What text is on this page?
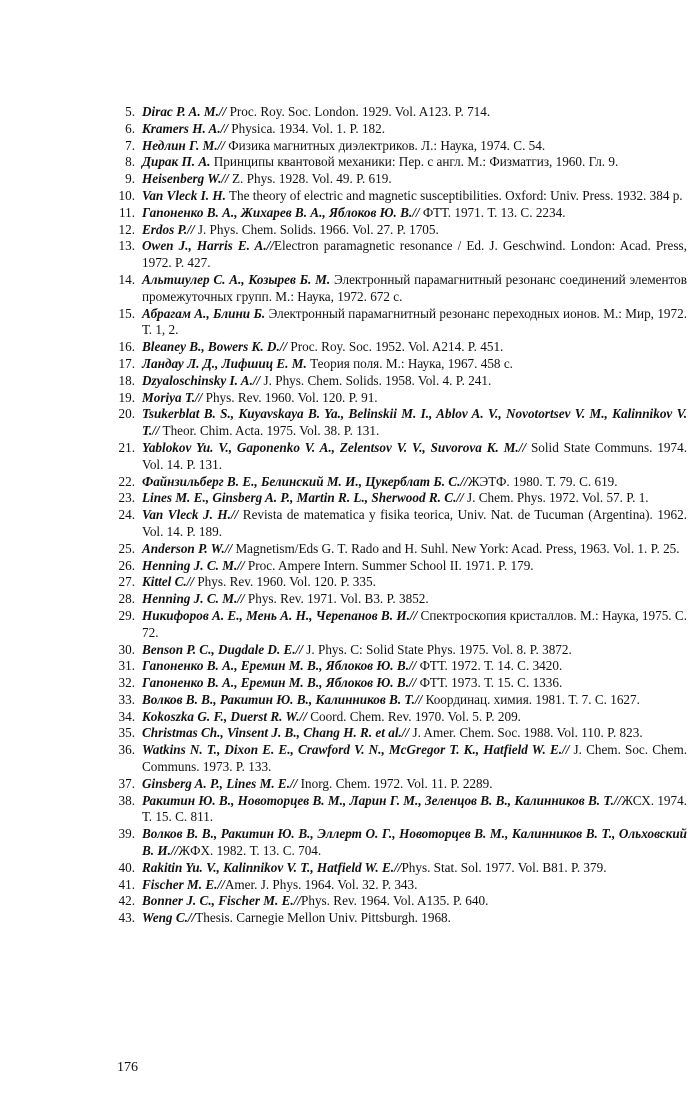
5. Dirac P. A. M.// Proc. Roy. Soc. London. 1929. Vol. A123. P. 714.
6. Kramers H. A.// Physica. 1934. Vol. 1. P. 182.
7. Недлин Г. М.// Физика магнитных диэлектриков. Л.: Наука, 1974. С. 54.
8. Дирак П. А. Принципы квантовой механики: Пер. с англ. М.: Физматгиз, 1960. Гл. 9.
9. Heisenberg W.// Z. Phys. 1928. Vol. 49. P. 619.
10. Van Vleck I. H. The theory of electric and magnetic susceptibilities. Oxford: Univ. Press. 1932. 384 p.
11. Гапоненко В. А., Жихарев В. А., Яблоков Ю. В.// ФТТ. 1971. Т. 13. С. 2234.
12. Erdos P.// J. Phys. Chem. Solids. 1966. Vol. 27. P. 1705.
13. Owen J., Harris E. A.//Electron paramagnetic resonance / Ed. J. Geschwind. London: Acad. Press, 1972. P. 427.
14. Альтшулер С. А., Козырев Б. М. Электронный парамагнитный резонанс соединений элементов промежуточных групп. М.: Наука, 1972. 672 с.
15. Абрагам А., Блини Б. Электронный парамагнитный резонанс переходных ионов. М.: Мир, 1972. Т. 1, 2.
16. Bleaney B., Bowers K. D.// Proc. Roy. Soc. 1952. Vol. A214. P. 451.
17. Ландау Л. Д., Лифшиц Е. М. Теория поля. М.: Наука, 1967. 458 с.
18. Dzyaloschinsky I. A.// J. Phys. Chem. Solids. 1958. Vol. 4. P. 241.
19. Moriya T.// Phys. Rev. 1960. Vol. 120. P. 91.
20. Tsukerblat B. S., Kuyavskaya B. Ya., Belinskii M. I., Ablov A. V., Novotortsev V. M., Kalinnikov V. T.// Theor. Chim. Acta. 1975. Vol. 38. P. 131.
21. Yablokov Yu. V., Gaponenko V. A., Zelentsov V. V., Suvorova K. M.// Solid State Communs. 1974. Vol. 14. P. 131.
22. Файнзильберг В. Е., Белинский М. И., Цукерблат Б. С.//ЖЭТФ. 1980. Т. 79. С. 619.
23. Lines M. E., Ginsberg A. P., Martin R. L., Sherwood R. C.// J. Chem. Phys. 1972. Vol. 57. P. 1.
24. Van Vleck J. H.// Revista de matematica y fisika teorica, Univ. Nat. de Tucuman (Argentina). 1962. Vol. 14. P. 189.
25. Anderson P. W.// Magnetism/Eds G. T. Rado and H. Suhl. New York: Acad. Press, 1963. Vol. 1. P. 25.
26. Henning J. C. M.// Proc. Ampere Intern. Summer School II. 1971. P. 179.
27. Kittel C.// Phys. Rev. 1960. Vol. 120. P. 335.
28. Henning J. C. M.// Phys. Rev. 1971. Vol. B3. P. 3852.
29. Никифоров А. Е., Мень А. Н., Черепанов В. И.// Спектроскопия кристаллов. М.: Наука, 1975. С. 72.
30. Benson P. C., Dugdale D. E.// J. Phys. C: Solid State Phys. 1975. Vol. 8. P. 3872.
31. Гапоненко В. А., Еремин М. В., Яблоков Ю. В.// ФТТ. 1972. Т. 14. С. 3420.
32. Гапоненко В. А., Еремин М. В., Яблоков Ю. В.// ФТТ. 1973. Т. 15. С. 1336.
33. Волков В. В., Ракитин Ю. В., Калинников В. Т.// Координац. химия. 1981. Т. 7. С. 1627.
34. Kokoszka G. F., Duerst R. W.// Coord. Chem. Rev. 1970. Vol. 5. P. 209.
35. Christmas Ch., Vinsent J. B., Chang H. R. et al.// J. Amer. Chem. Soc. 1988. Vol. 110. P. 823.
36. Watkins N. T., Dixon E. E., Crawford V. N., McGregor T. K., Hatfield W. E.// J. Chem. Soc. Chem. Communs. 1973. P. 133.
37. Ginsberg A. P., Lines M. E.// Inorg. Chem. 1972. Vol. 11. P. 2289.
38. Ракитин Ю. В., Новоторцев В. М., Ларин Г. М., Зеленцов В. В., Калинников В. Т.//ЖСХ. 1974. Т. 15. С. 811.
39. Волков В. В., Ракитин Ю. В., Эллерт О. Г., Новоторцев В. М., Калинников В. Т., Ольховский В. И.//ЖФХ. 1982. Т. 13. С. 704.
40. Rakitin Yu. V., Kalinnikov V. T., Hatfield W. E.//Phys. Stat. Sol. 1977. Vol. B81. P. 379.
41. Fischer M. E.//Amer. J. Phys. 1964. Vol. 32. P. 343.
42. Bonner J. C., Fischer M. E.//Phys. Rev. 1964. Vol. A135. P. 640.
43. Weng C.//Thesis. Carnegie Mellon Univ. Pittsburgh. 1968.
176
